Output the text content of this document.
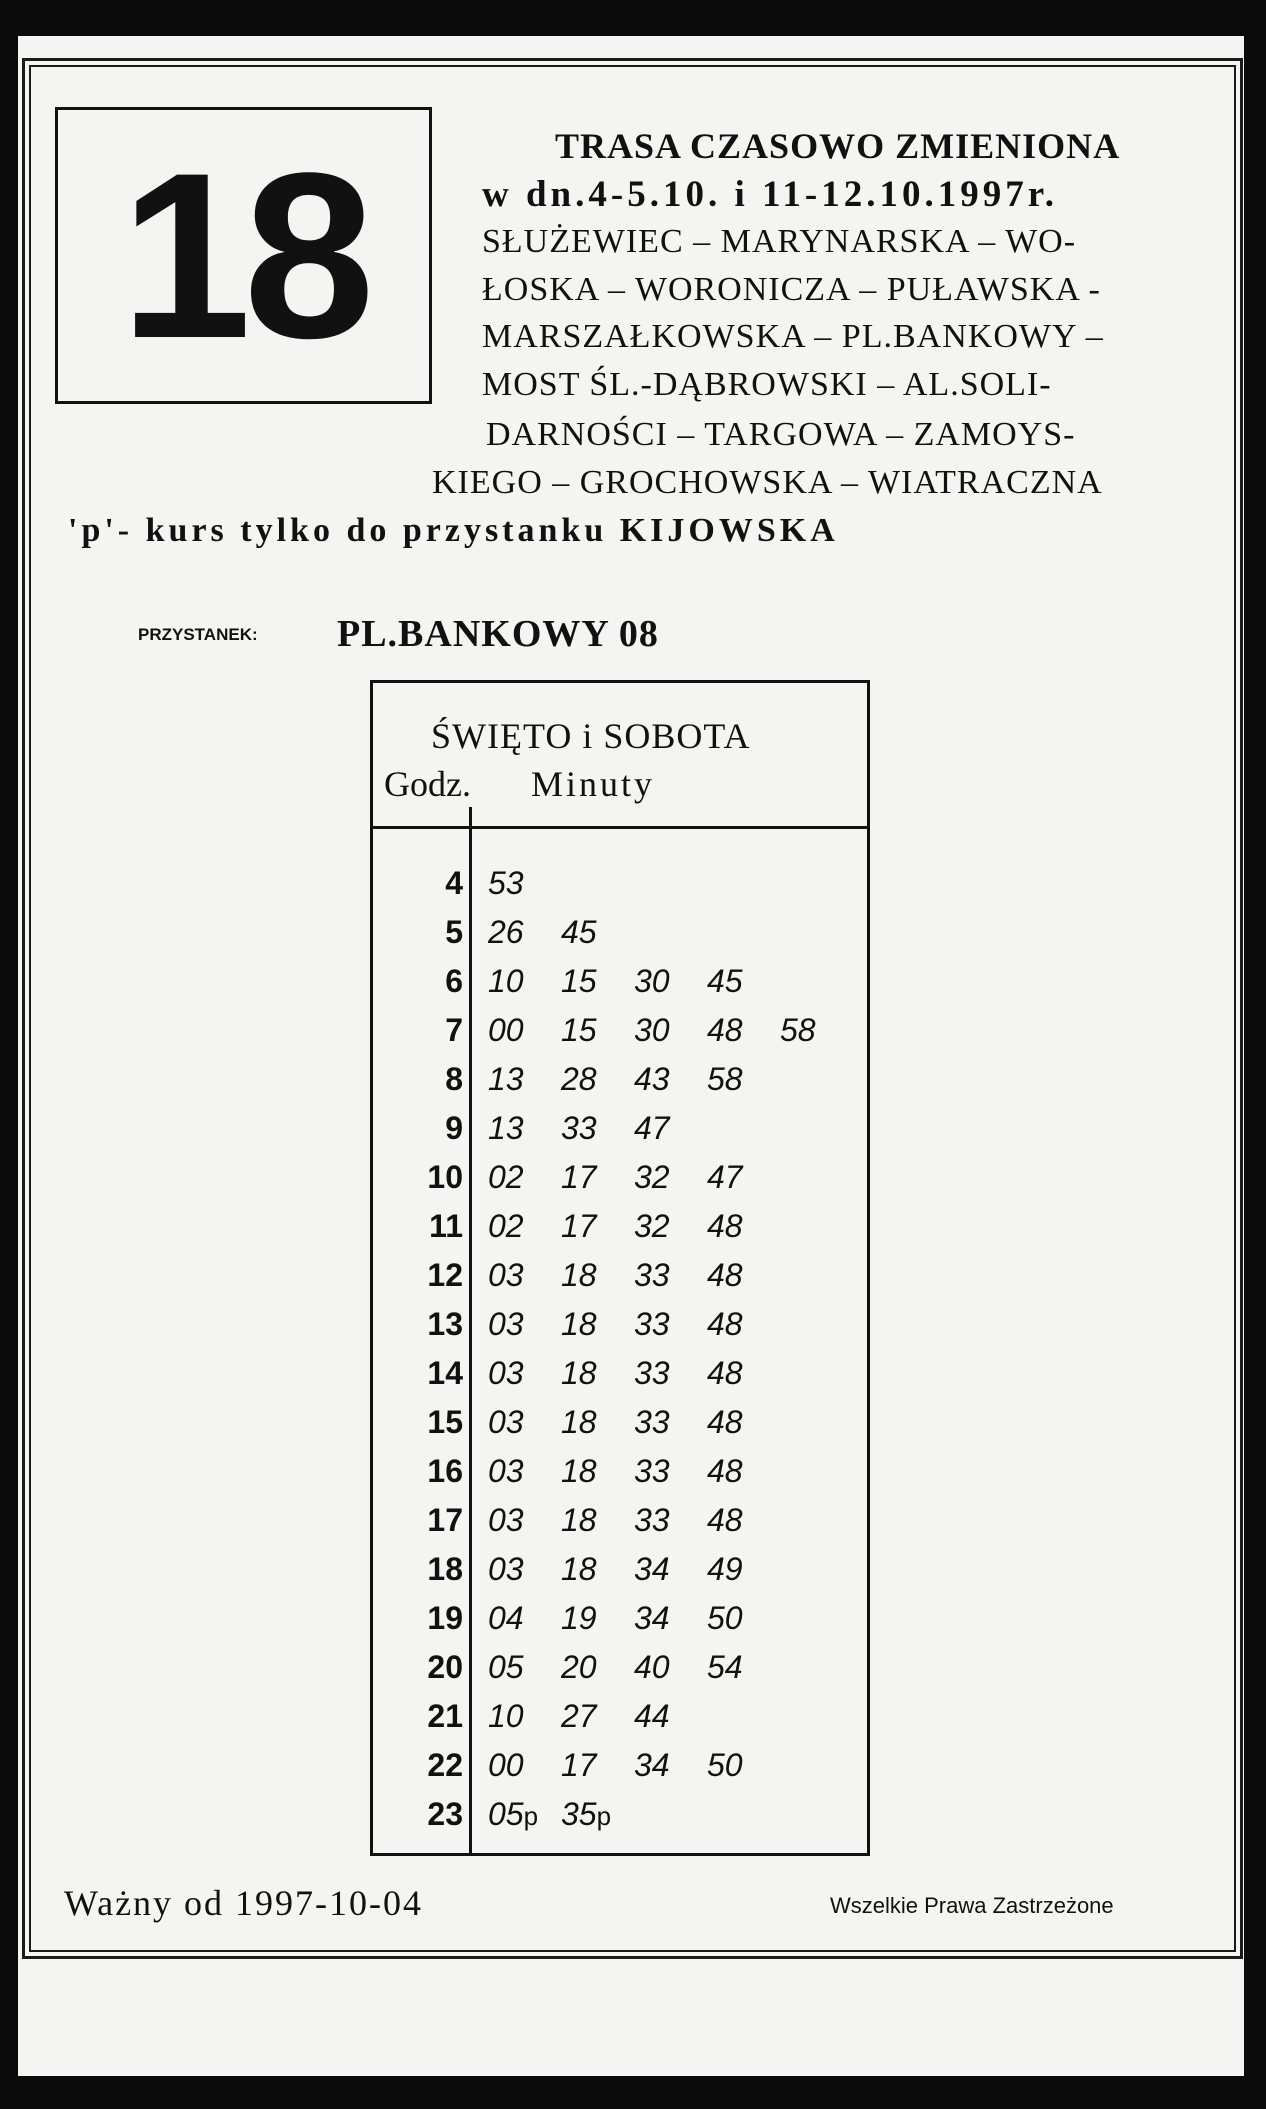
18	TRASA CZASOWO ZMIENIONA
w dn.4-5.10. i 11-12.10.1997r.
SŁUŻEWIEC – MARYNARSKA – WO-
ŁOSKA – WORONICZA – PUŁAWSKA -
MARSZAŁKOWSKA – PL.BANKOWY –
MOST ŚL.-DĄBROWSKI – AL.SOLI-
DARNOŚCI – TARGOWA – ZAMOYS-
KIEGO – GROCHOWSKA – WIATRACZNA
'p'- kurs tylko do przystanku KIJOWSKA
PRZYSTANEK: PL.BANKOWY 08
ŚWIĘTO i SOBOTA
Godz. Minuty
4 53
5 26 45
6 10 15 30 45
7 00 15 30 48 58
8 13 28 43 58
9 13 33 47
10 02 17 32 47
11 02 17 32 48
12 03 18 33 48
13 03 18 33 48
14 03 18 33 48
15 03 18 33 48
16 03 18 33 48
17 03 18 33 48
18 03 18 34 49
19 04 19 34 50
20 05 20 40 54
21 10 27 44
22 00 17 34 50
23 05p 35p
Ważny od 1997-10-04	Wszelkie Prawa Zastrzeżone
